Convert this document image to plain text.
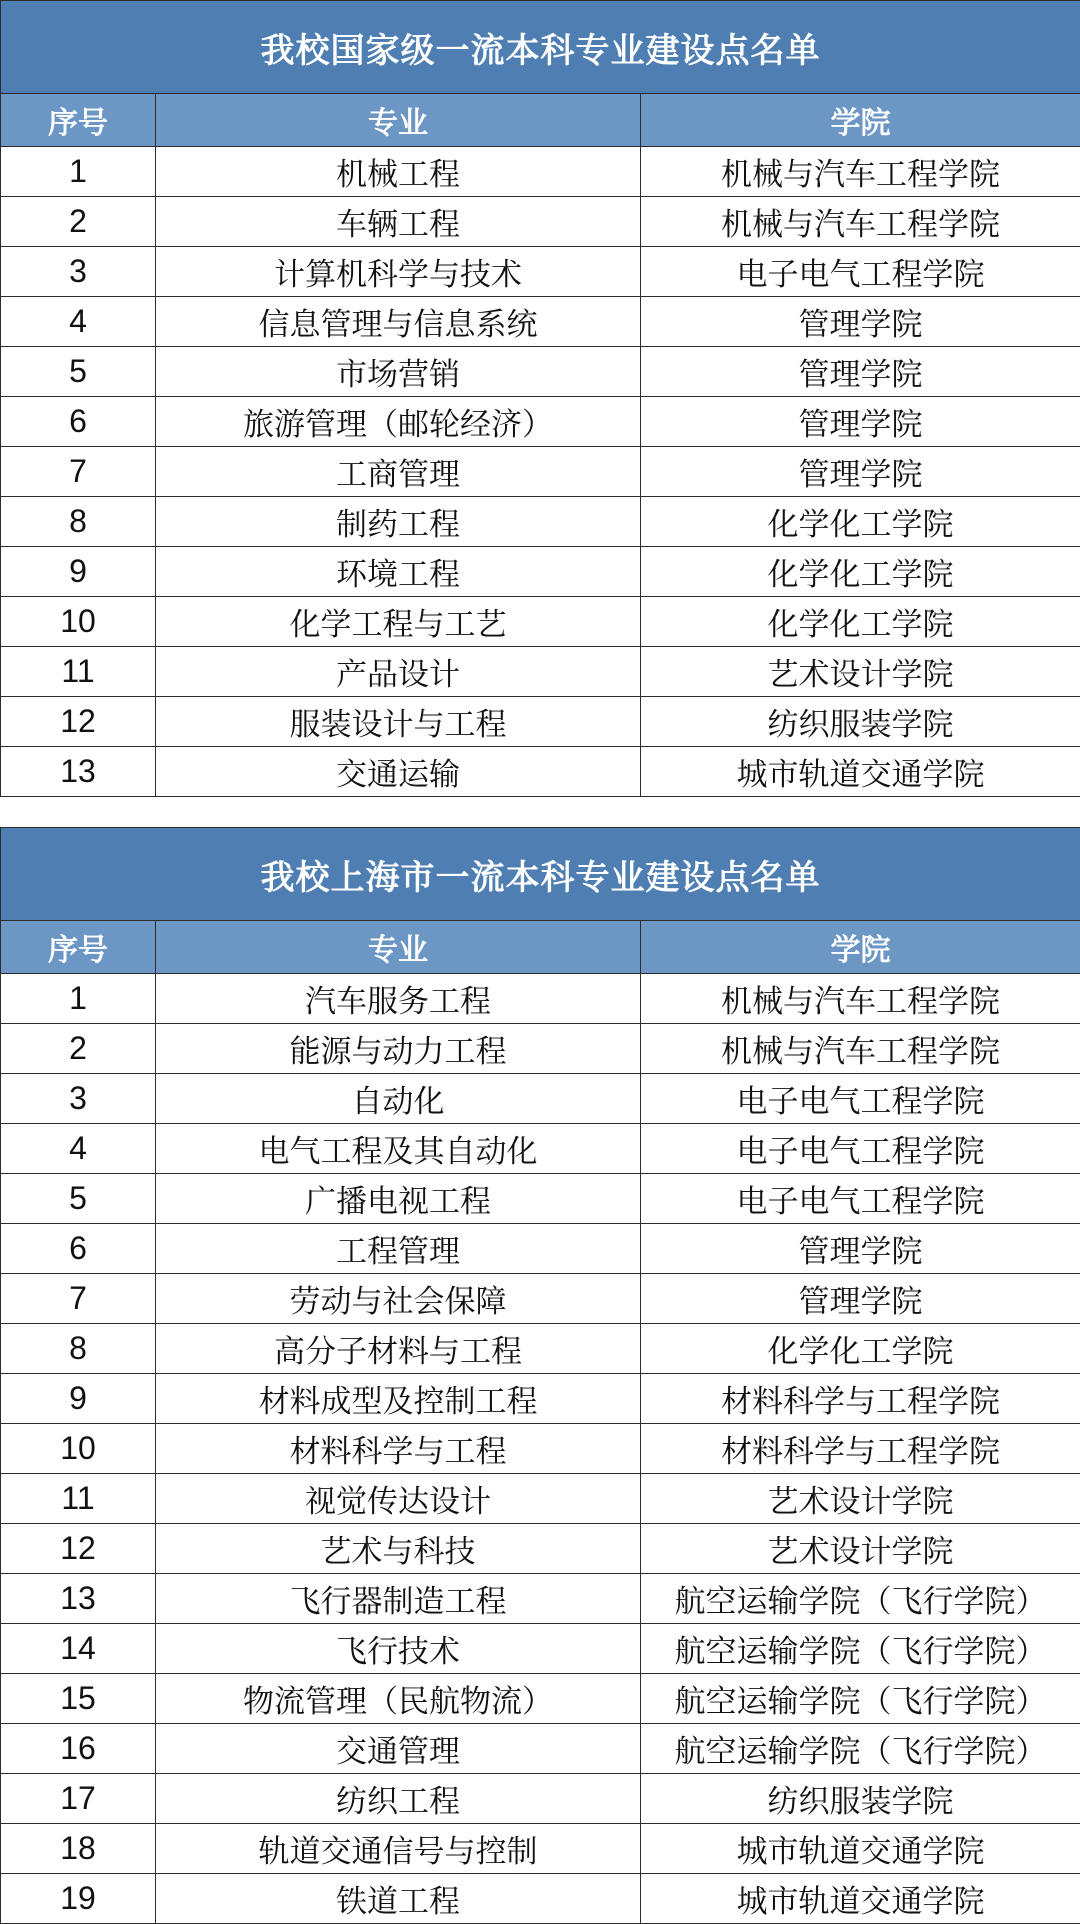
我校国家级一流本科专业建设点名单		
序号	专业	学院
1	机械工程	机械与汽车工程学院
2	车辆工程	机械与汽车工程学院
3	计算机科学与技术	电子电气工程学院
4	信息管理与信息系统	管理学院
5	市场营销	管理学院
6	旅游管理（邮轮经济）	管理学院
7	工商管理	管理学院
8	制药工程	化学化工学院
9	环境工程	化学化工学院
10	化学工程与工艺	化学化工学院
11	产品设计	艺术设计学院
12	服装设计与工程	纺织服装学院
13	交通运输	城市轨道交通学院
我校上海市一流本科专业建设点名单		
序号	专业	学院
1	汽车服务工程	机械与汽车工程学院
2	能源与动力工程	机械与汽车工程学院
3	自动化	电子电气工程学院
4	电气工程及其自动化	电子电气工程学院
5	广播电视工程	电子电气工程学院
6	工程管理	管理学院
7	劳动与社会保障	管理学院
8	高分子材料与工程	化学化工学院
9	材料成型及控制工程	材料科学与工程学院
10	材料科学与工程	材料科学与工程学院
11	视觉传达设计	艺术设计学院
12	艺术与科技	艺术设计学院
13	飞行器制造工程	航空运输学院（飞行学院）
14	飞行技术	航空运输学院（飞行学院）
15	物流管理（民航物流）	航空运输学院（飞行学院）
16	交通管理	航空运输学院（飞行学院）
17	纺织工程	纺织服装学院
18	轨道交通信号与控制	城市轨道交通学院
19	铁道工程	城市轨道交通学院
